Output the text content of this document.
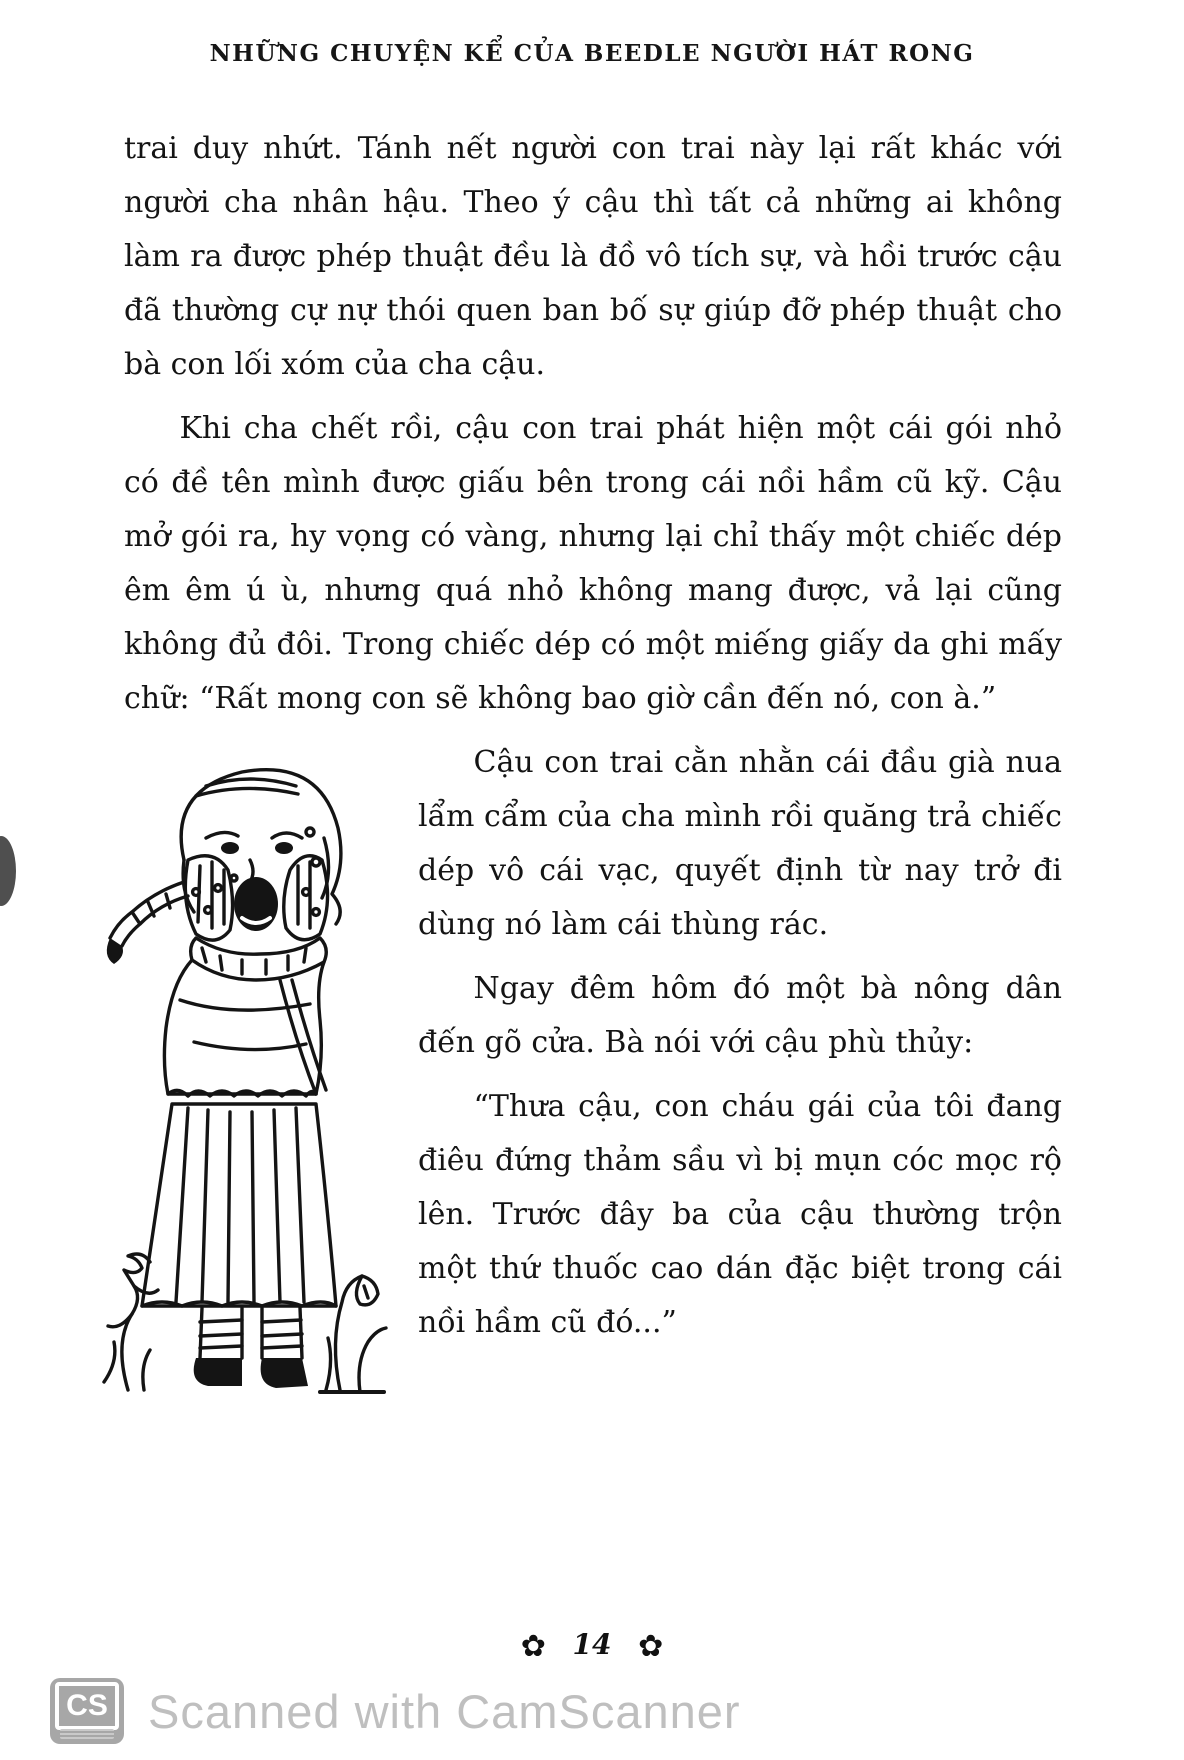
NHỮNG CHUYỆN KỂ CỦA BEEDLE NGƯỜI HÁT RONG

trai duy nhứt. Tánh nết người con trai này lại rất khác với người cha nhân hậu. Theo ý cậu thì tất cả những ai không làm ra được phép thuật đều là đồ vô tích sự, và hồi trước cậu đã thường cự nự thói quen ban bố sự giúp đỡ phép thuật cho bà con lối xóm của cha cậu.

Khi cha chết rồi, cậu con trai phát hiện một cái gói nhỏ có đề tên mình được giấu bên trong cái nồi hầm cũ kỹ. Cậu mở gói ra, hy vọng có vàng, nhưng lại chỉ thấy một chiếc dép êm êm ú ù, nhưng quá nhỏ không mang được, vả lại cũng không đủ đôi. Trong chiếc dép có một miếng giấy da ghi mấy chữ: “Rất mong con sẽ không bao giờ cần đến nó, con à.”

Cậu con trai cằn nhằn cái đầu già nua lẩm cẩm của cha mình rồi quăng trả chiếc dép vô cái vạc, quyết định từ nay trở đi dùng nó làm cái thùng rác.

Ngay đêm hôm đó một bà nông dân đến gõ cửa. Bà nói với cậu phù thủy:

“Thưa cậu, con cháu gái của tôi đang điêu đứng thảm sầu vì bị mụn cóc mọc rộ lên. Trước đây ba của cậu thường trộn một thứ thuốc cao dán đặc biệt trong cái nồi hầm cũ đó...”

✿ 14 ✿
CS Scanned with CamScanner
